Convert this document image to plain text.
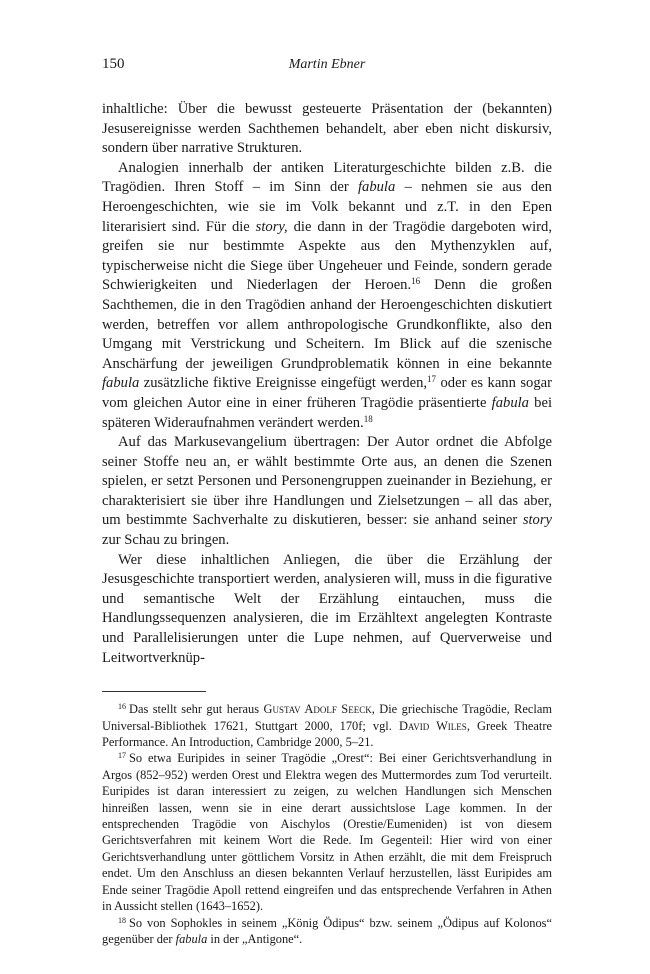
150	Martin Ebner

inhaltliche: Über die bewusst gesteuerte Präsentation der (bekannten) Jesusereignisse werden Sachthemen behandelt, aber eben nicht diskursiv, sondern über narrative Strukturen.

Analogien innerhalb der antiken Literaturgeschichte bilden z.B. die Tragödien. Ihren Stoff – im Sinn der fabula – nehmen sie aus den Heroengeschichten, wie sie im Volk bekannt und z.T. in den Epen literarisiert sind. Für die story, die dann in der Tragödie dargeboten wird, greifen sie nur bestimmte Aspekte aus den Mythenzyklen auf, typischerweise nicht die Siege über Ungeheuer und Feinde, sondern gerade Schwierigkeiten und Niederlagen der Heroen.$^{16}$ Denn die großen Sachthemen, die in den Tragödien anhand der Heroengeschichten diskutiert werden, betreffen vor allem anthropologische Grundkonflikte, also den Umgang mit Verstrickung und Scheitern. Im Blick auf die szenische Anschärfung der jeweiligen Grundproblematik können in eine bekannte fabula zusätzliche fiktive Ereignisse eingefügt werden,$^{17}$ oder es kann sogar vom gleichen Autor eine in einer früheren Tragödie präsentierte fabula bei späteren Wideraufnahmen verändert werden.$^{18}$

Auf das Markusevangelium übertragen: Der Autor ordnet die Abfolge seiner Stoffe neu an, er wählt bestimmte Orte aus, an denen die Szenen spielen, er setzt Personen und Personengruppen zueinander in Beziehung, er charakterisiert sie über ihre Handlungen und Zielsetzungen – all das aber, um bestimmte Sachverhalte zu diskutieren, besser: sie anhand seiner story zur Schau zu bringen.

Wer diese inhaltlichen Anliegen, die über die Erzählung der Jesusgeschichte transportiert werden, analysieren will, muss in die figurative und semantische Welt der Erzählung eintauchen, muss die Handlungssequenzen analysieren, die im Erzähltext angelegten Kontraste und Parallelisierungen unter die Lupe nehmen, auf Querverweise und Leitwortverknüp-

$^{16}$ Das stellt sehr gut heraus Gustav Adolf Seeck, Die griechische Tragödie, Reclam Universal-Bibliothek 17621, Stuttgart 2000, 170f; vgl. David Wiles, Greek Theatre Performance. An Introduction, Cambridge 2000, 5–21.

$^{17}$ So etwa Euripides in seiner Tragödie „Orest“: Bei einer Gerichtsverhandlung in Argos (852–952) werden Orest und Elektra wegen des Muttermordes zum Tod verurteilt. Euripides ist daran interessiert zu zeigen, zu welchen Handlungen sich Menschen hinreißen lassen, wenn sie in eine derart aussichtslose Lage kommen. In der entsprechenden Tragödie von Aischylos (Orestie/Eumeniden) ist von diesem Gerichtsverfahren mit keinem Wort die Rede. Im Gegenteil: Hier wird von einer Gerichtsverhandlung unter göttlichem Vorsitz in Athen erzählt, die mit dem Freispruch endet. Um den Anschluss an diesen bekannten Verlauf herzustellen, lässt Euripides am Ende seiner Tragödie Apoll rettend eingreifen und das entsprechende Verfahren in Athen in Aussicht stellen (1643–1652).

$^{18}$ So von Sophokles in seinem „König Ödipus“ bzw. seinem „Ödipus auf Kolonos“ gegenüber der fabula in der „Antigone“.
